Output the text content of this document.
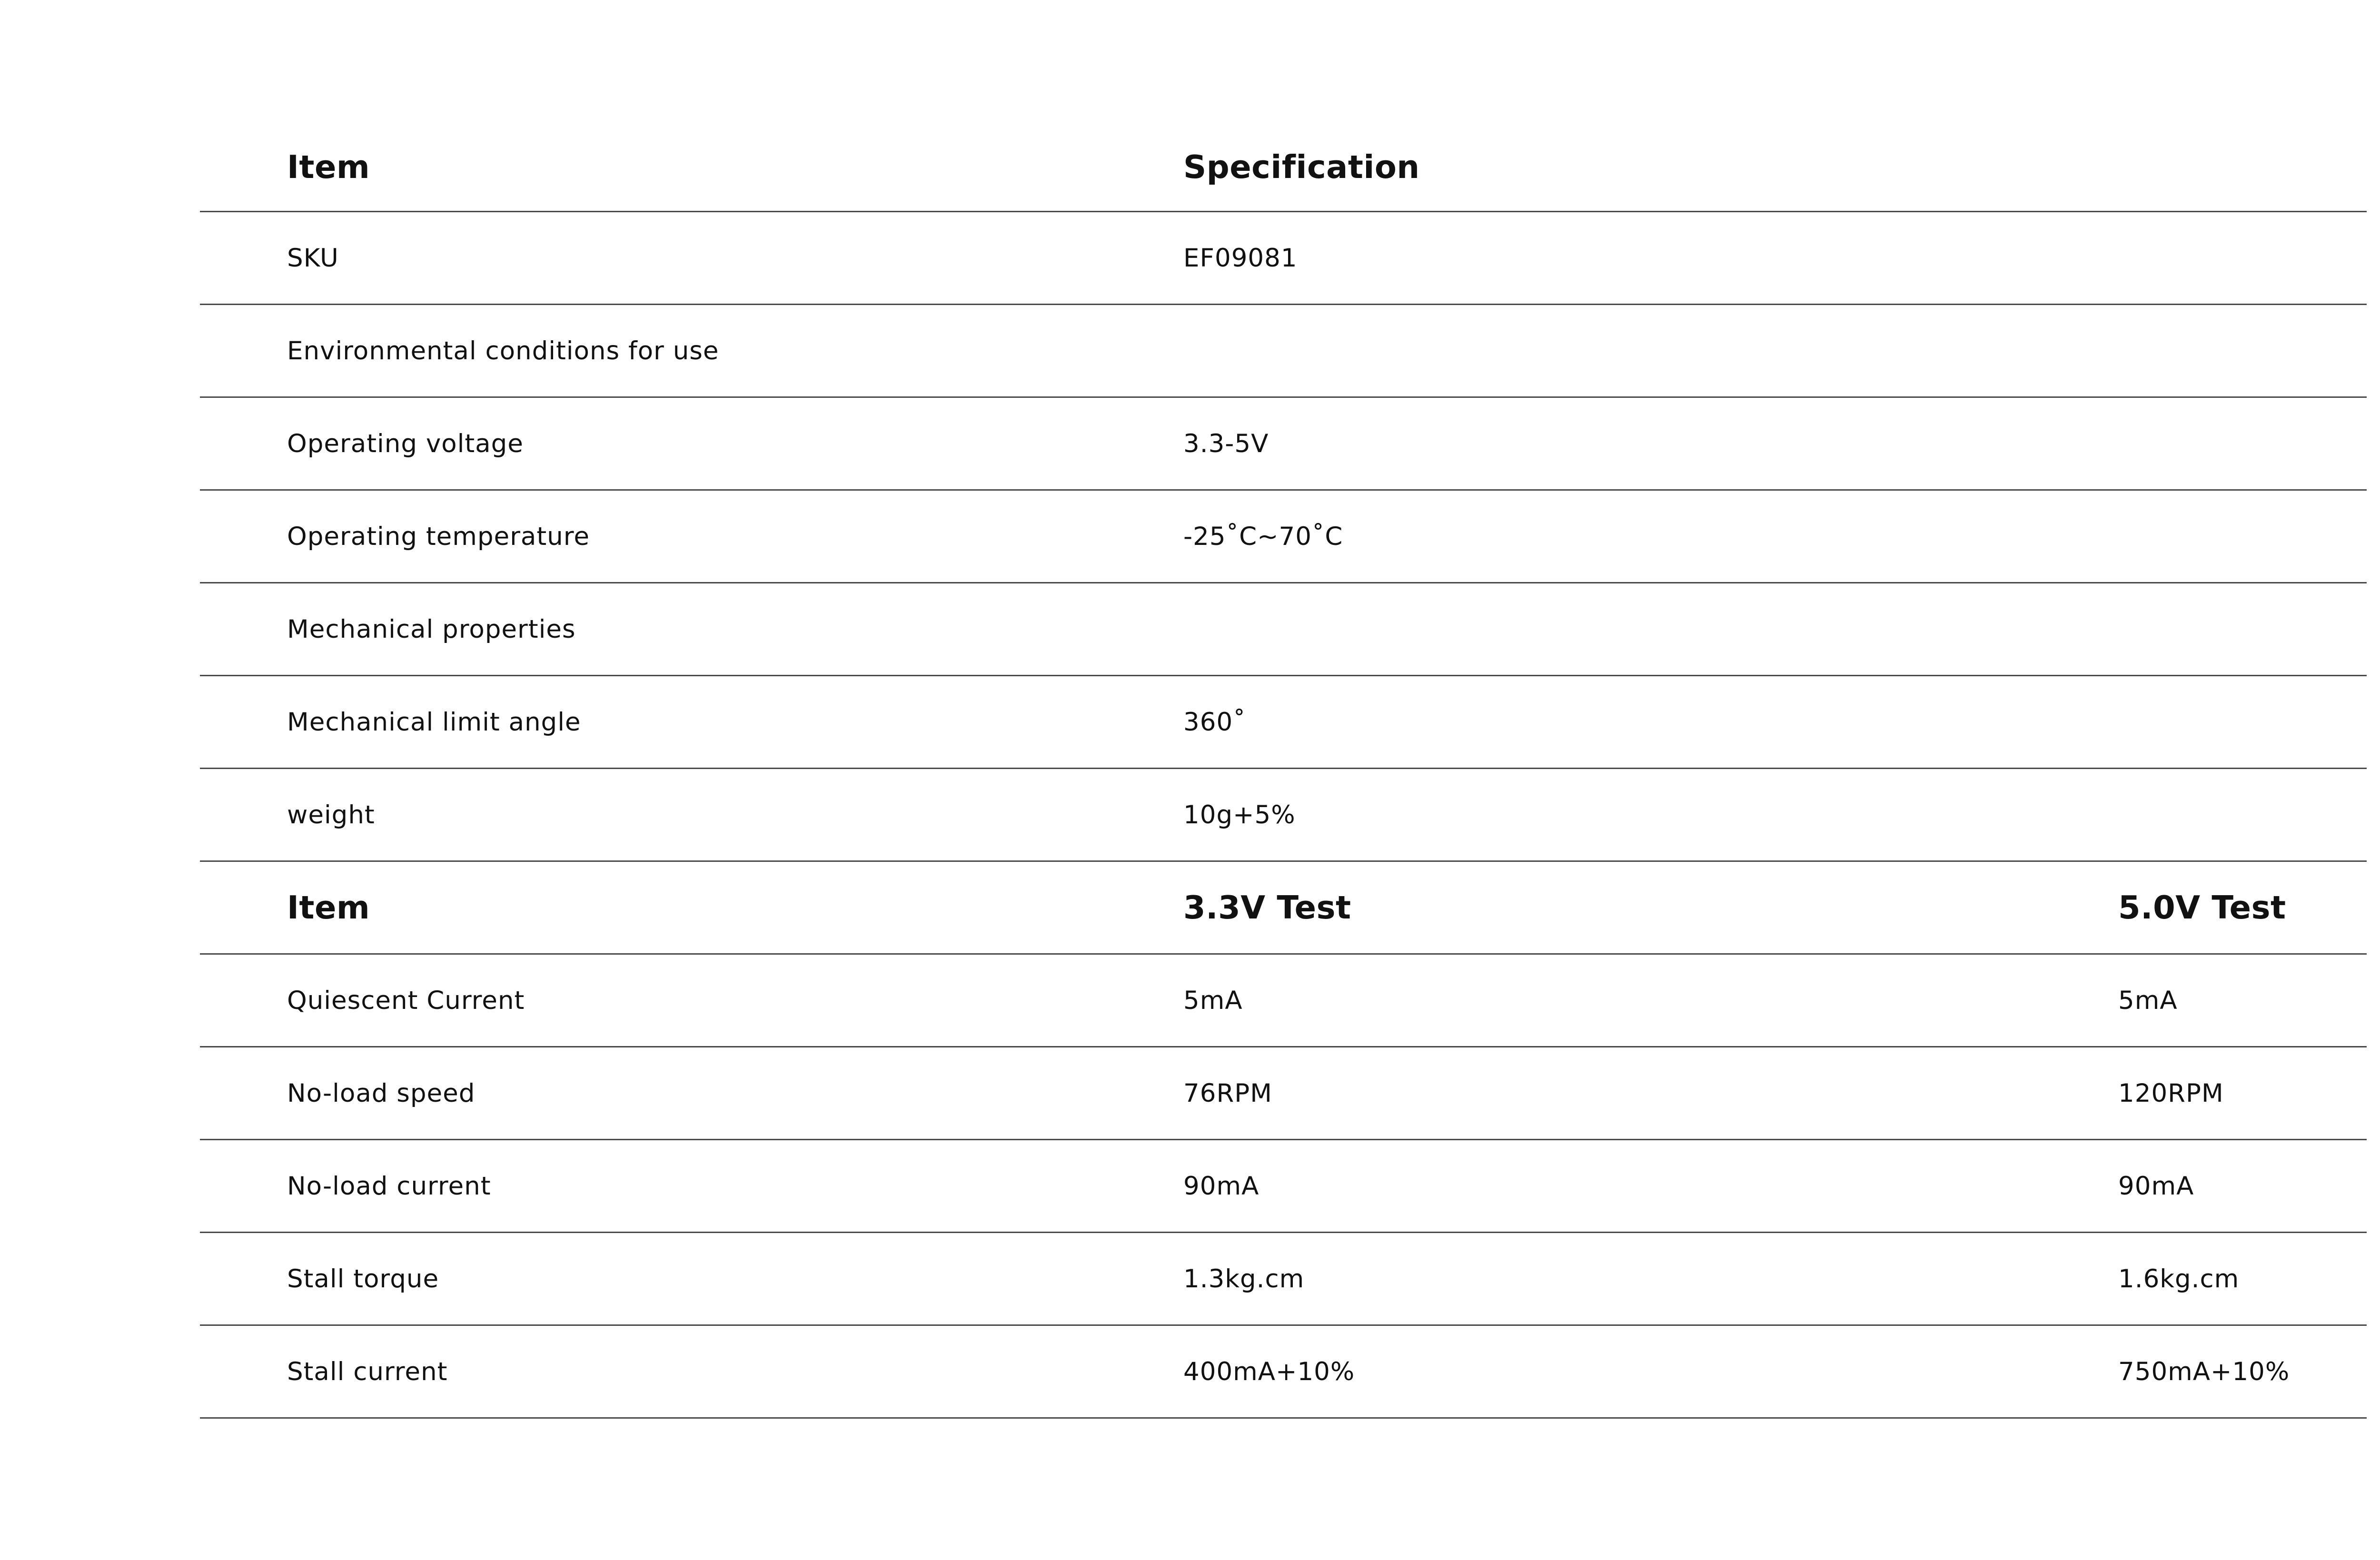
Item	Specification
SKU	EF09081
Environmental conditions for use
Operating voltage	3.3-5V
Operating temperature	-25˚C~70˚C
Mechanical properties
Mechanical limit angle	360˚
weight	10g+5%
Item	3.3V Test	5.0V Test
Quiescent Current	5mA	5mA
No-load speed	76RPM	120RPM
No-load current	90mA	90mA
Stall torque	1.3kg.cm	1.6kg.cm
Stall current	400mA+10%	750mA+10%
